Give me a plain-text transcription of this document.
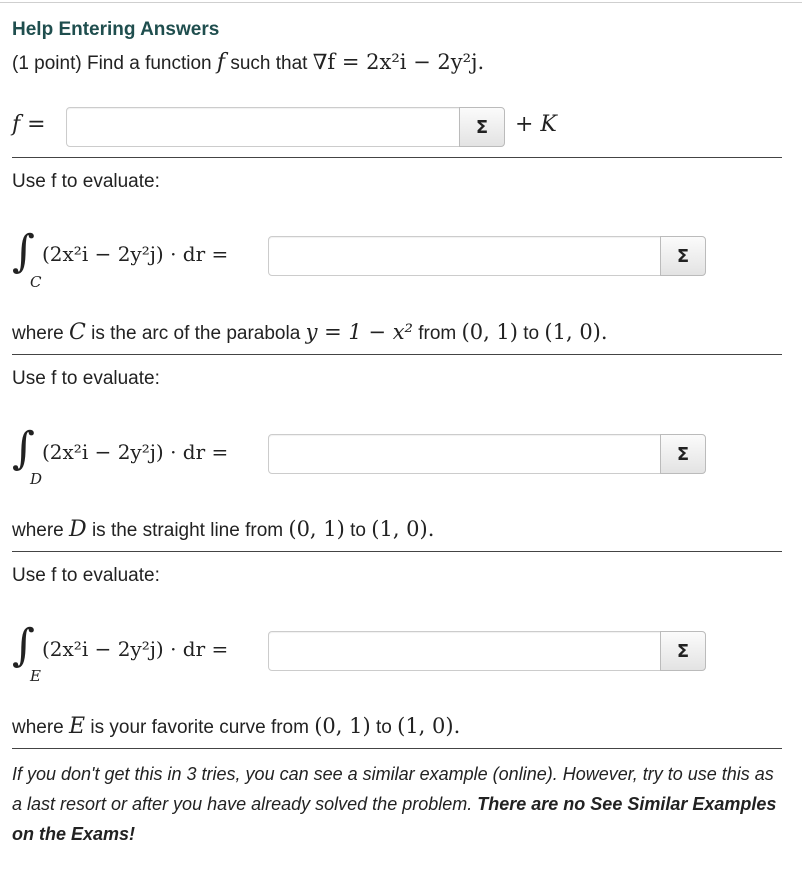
Help Entering Answers
(1 point) Find a function f such that ∇f = 2x²i − 2y²j.
f =	Σ + K
Use f to evaluate:
∫
C
(2x²i − 2y²j) · dr =	Σ
where C is the arc of the parabola y = 1 − x² from (0, 1) to (1, 0).
Use f to evaluate:
∫
D
(2x²i − 2y²j) · dr =	Σ
where D is the straight line from (0, 1) to (1, 0).
Use f to evaluate:
∫
E
(2x²i − 2y²j) · dr =	Σ
where E is your favorite curve from (0, 1) to (1, 0).
If you don't get this in 3 tries, you can see a similar example (online). However, try to use this as a last resort or after you have already solved the problem. There are no See Similar Examples on the Exams!
